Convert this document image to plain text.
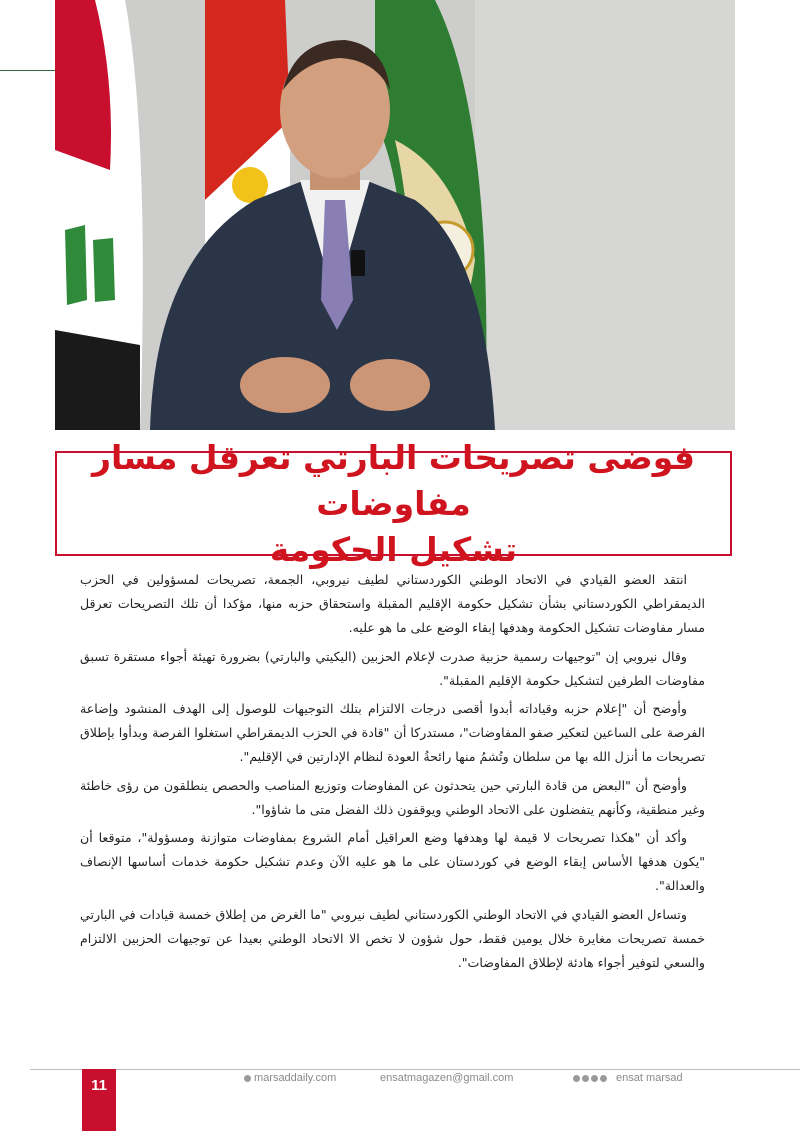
فوضى تصريحات البارتي تعرقل مسار مفاوضات
تشكيل الحكومة

انتقد العضو القيادي في الاتحاد الوطني الكوردستاني لطيف نيروبي، الجمعة، تصريحات لمسؤولين في الحزب الديمقراطي الكوردستاني بشأن تشكيل حكومة الإقليم المقبلة واستحقاق حزبه منها، مؤكدا أن تلك التصريحات تعرقل مسار مفاوضات تشكيل الحكومة وهدفها إبقاء الوضع على ما هو عليه.

وقال نيروبي إن "توجيهات رسمية حزبية صدرت لإعلام الحزبين (اليكيتي والبارتي) بضرورة تهيئة أجواء مستقرة تسبق مفاوضات الطرفين لتشكيل حكومة الإقليم المقبلة".

وأوضح أن "إعلام حزبه وقياداته أبدوا أقصى درجات الالتزام بتلك التوجيهات للوصول إلى الهدف المنشود وإضاعة الفرصة على الساعين لتعكير صفو المفاوضات"، مستدركا أن "قادة في الحزب الديمقراطي استغلوا الفرصة وبدأوا بإطلاق تصريحات ما أنزل الله بها من سلطان وتُشمُ منها رائحةُ العودة لنظام الإدارتين في الإقليم".

وأوضح أن "البعض من قادة البارتي حين يتحدثون عن المفاوضات وتوزيع المناصب والحصص ينطلقون من رؤى خاطئة وغير منطقية، وكأنهم يتفضلون على الاتحاد الوطني ويوقفون ذلك الفضل متى ما شاؤوا".

وأكد أن "هكذا تصريحات لا قيمة لها وهدفها وضع العراقيل أمام الشروع بمفاوضات متوازنة ومسؤولة"، متوقعا أن "يكون هدفها الأساس إبقاء الوضع في كوردستان على ما هو عليه الآن وعدم تشكيل حكومة خدمات أساسها الإنصاف والعدالة".

وتساءل العضو القيادي في الاتحاد الوطني الكوردستاني لطيف نيروبي "ما الغرض من إطلاق خمسة قيادات في البارتي خمسة تصريحات مغايرة خلال يومين فقط، حول شؤون لا تخص الا الاتحاد الوطني بعيدا عن توجيهات الحزبين الالتزام والسعي لتوفير أجواء هادئة لإطلاق المفاوضات".

11	marsaddaily.com	ensatmagazen@gmail.com	ensat marsad
